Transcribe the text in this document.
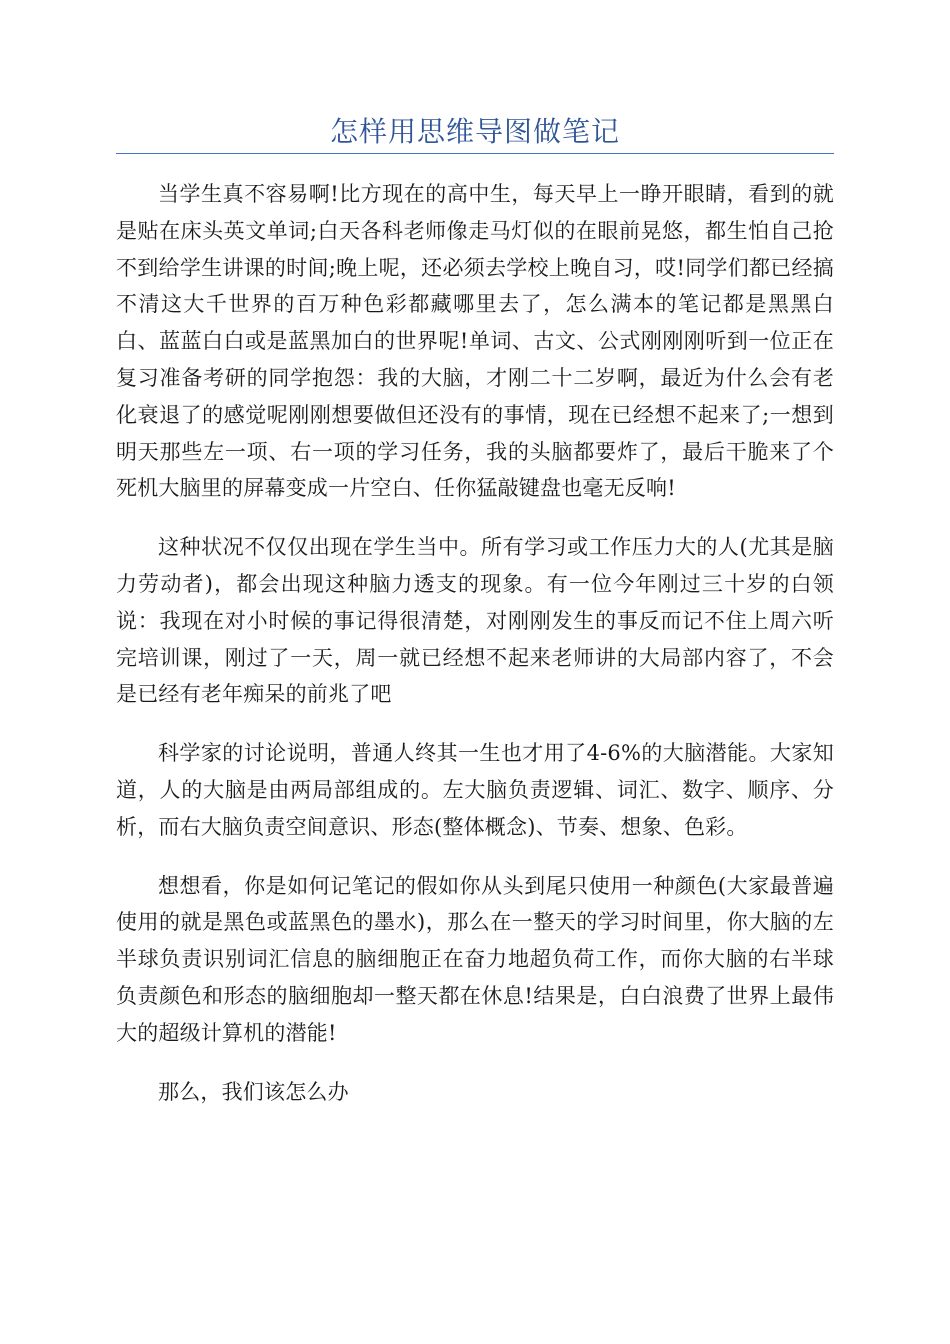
怎样用思维导图做笔记

当学生真不容易啊!比方现在的高中生，每天早上一睁开眼睛，看到的就是贴在床头英文单词;白天各科老师像走马灯似的在眼前晃悠，都生怕自己抢不到给学生讲课的时间;晚上呢，还必须去学校上晚自习，哎!同学们都已经搞不清这大千世界的百万种色彩都藏哪里去了，怎么满本的笔记都是黑黑白白、蓝蓝白白或是蓝黑加白的世界呢!单词、古文、公式刚刚刚听到一位正在复习准备考研的同学抱怨：我的大脑，才刚二十二岁啊，最近为什么会有老化衰退了的感觉呢刚刚想要做但还没有的事情，现在已经想不起来了;一想到明天那些左一项、右一项的学习任务，我的头脑都要炸了，最后干脆来了个死机大脑里的屏幕变成一片空白、任你猛敲键盘也毫无反响!

这种状况不仅仅出现在学生当中。所有学习或工作压力大的人(尤其是脑力劳动者)，都会出现这种脑力透支的现象。有一位今年刚过三十岁的白领说：我现在对小时候的事记得很清楚，对刚刚发生的事反而记不住上周六听完培训课，刚过了一天，周一就已经想不起来老师讲的大局部内容了，不会是已经有老年痴呆的前兆了吧

科学家的讨论说明，普通人终其一生也才用了4-6%的大脑潜能。大家知道，人的大脑是由两局部组成的。左大脑负责逻辑、词汇、数字、顺序、分析，而右大脑负责空间意识、形态(整体概念)、节奏、想象、色彩。

想想看，你是如何记笔记的假如你从头到尾只使用一种颜色(大家最普遍使用的就是黑色或蓝黑色的墨水)，那么在一整天的学习时间里，你大脑的左半球负责识别词汇信息的脑细胞正在奋力地超负荷工作，而你大脑的右半球负责颜色和形态的脑细胞却一整天都在休息!结果是，白白浪费了世界上最伟大的超级计算机的潜能!

那么，我们该怎么办
